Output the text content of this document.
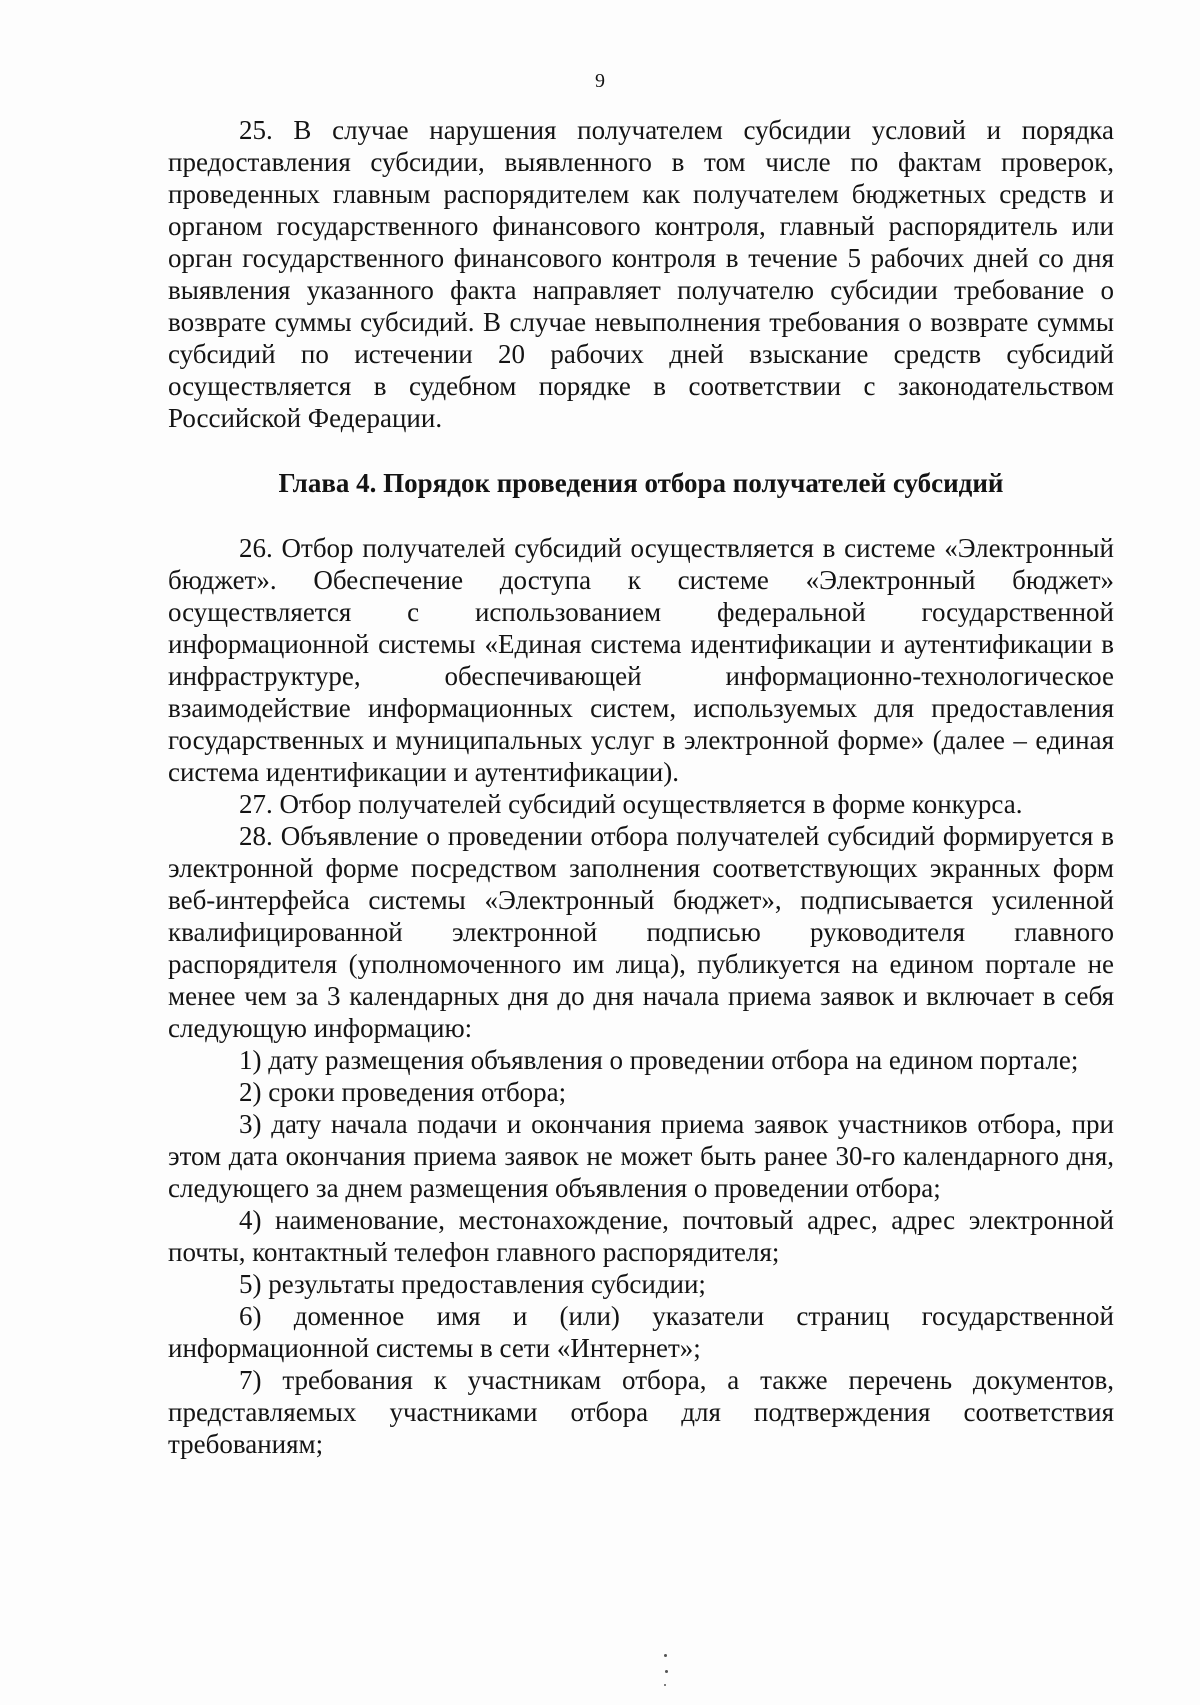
9

25. В случае нарушения получателем субсидии условий и порядка предоставления субсидии, выявленного в том числе по фактам проверок, проведенных главным распорядителем как получателем бюджетных средств и органом государственного финансового контроля, главный распорядитель или орган государственного финансового контроля в течение 5 рабочих дней со дня выявления указанного факта направляет получателю субсидии требование о возврате суммы субсидий. В случае невыполнения требования о возврате суммы субсидий по истечении 20 рабочих дней взыскание средств субсидий осуществляется в судебном порядке в соответствии с законодательством Российской Федерации.

Глава 4. Порядок проведения отбора получателей субсидий

26. Отбор получателей субсидий осуществляется в системе «Электронный бюджет». Обеспечение доступа к системе «Электронный бюджет» осуществляется с использованием федеральной государственной информационной системы «Единая система идентификации и аутентификации в инфраструктуре, обеспечивающей информационно-технологическое взаимодействие информационных систем, используемых для предоставления государственных и муниципальных услуг в электронной форме» (далее – единая система идентификации и аутентификации).

27. Отбор получателей субсидий осуществляется в форме конкурса.

28. Объявление о проведении отбора получателей субсидий формируется в электронной форме посредством заполнения соответствующих экранных форм веб-интерфейса системы «Электронный бюджет», подписывается усиленной квалифицированной электронной подписью руководителя главного распорядителя (уполномоченного им лица), публикуется на едином портале не менее чем за 3 календарных дня до дня начала приема заявок и включает в себя следующую информацию:

1) дату размещения объявления о проведении отбора на едином портале;

2) сроки проведения отбора;

3) дату начала подачи и окончания приема заявок участников отбора, при этом дата окончания приема заявок не может быть ранее 30-го календарного дня, следующего за днем размещения объявления о проведении отбора;

4) наименование, местонахождение, почтовый адрес, адрес электронной почты, контактный телефон главного распорядителя;

5) результаты предоставления субсидии;

6) доменное имя и (или) указатели страниц государственной информационной системы в сети «Интернет»;

7) требования к участникам отбора, а также перечень документов, представляемых участниками отбора для подтверждения соответствия требованиям;
